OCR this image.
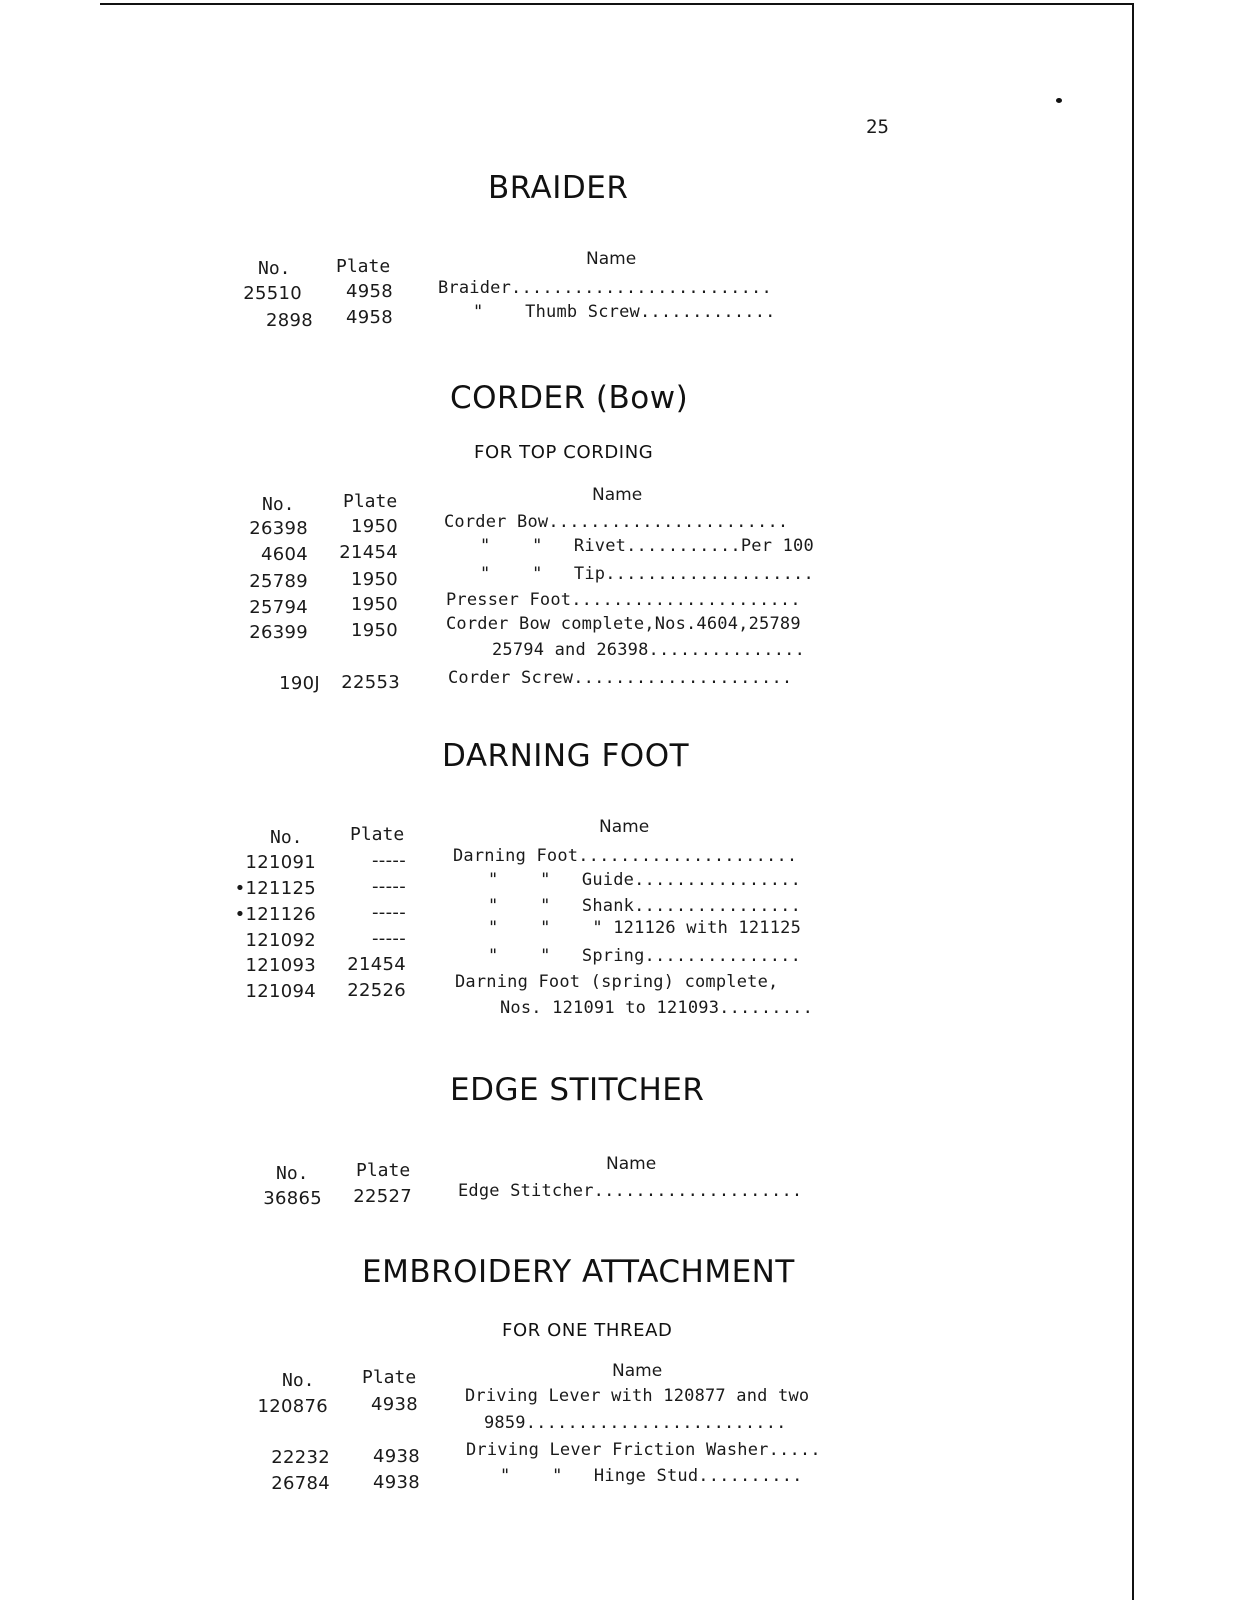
25
BRAIDER
No.	Plate	Name
25510	4958	Braider.........................
2898	4958	"    Thumb Screw.............
CORDER (Bow)
FOR TOP CORDING
No.	Plate	Name
26398	1950	Corder Bow.......................
4604	21454	"    "   Rivet...........Per 100
25789	1950	"    "   Tip....................
25794	1950	Presser Foot......................
26399	1950	Corder Bow complete,Nos.4604,25789
25794 and 26398...............
190J	22553	Corder Screw.....................
DARNING FOOT
No.	Plate	Name
121091	-----	Darning Foot.....................
•121125	-----	"    "   Guide................
•121126	-----	"    "   Shank................
121092	-----	"    "    " 121126 with 121125
121093	21454	"    "   Spring...............
121094	22526	Darning Foot (spring) complete,
Nos. 121091 to 121093.........
EDGE STITCHER
No.	Plate	Name
36865	22527	Edge Stitcher....................
EMBROIDERY ATTACHMENT
FOR ONE THREAD
No.	Plate	Name
120876	4938	Driving Lever with 120877 and two
9859.........................
22232	4938	Driving Lever Friction Washer.....
26784	4938	"    "   Hinge Stud..........
